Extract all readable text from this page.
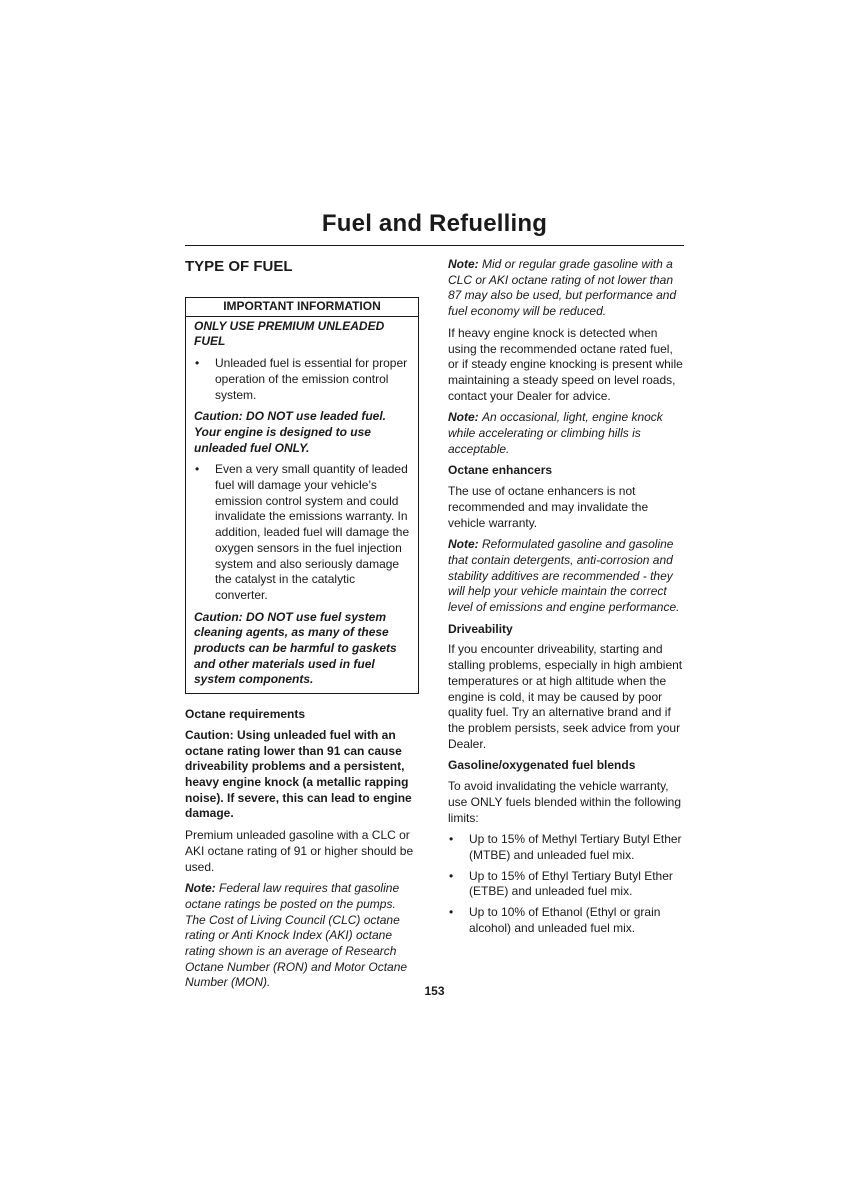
Fuel and Refuelling
TYPE OF FUEL
IMPORTANT INFORMATION

ONLY USE PREMIUM UNLEADED FUEL

• Unleaded fuel is essential for proper operation of the emission control system.

Caution: DO NOT use leaded fuel. Your engine is designed to use unleaded fuel ONLY.

• Even a very small quantity of leaded fuel will damage your vehicle’s emission control system and could invalidate the emissions warranty. In addition, leaded fuel will damage the oxygen sensors in the fuel injection system and also seriously damage the catalyst in the catalytic converter.

Caution: DO NOT use fuel system cleaning agents, as many of these products can be harmful to gaskets and other materials used in fuel system components.

Octane requirements

Caution: Using unleaded fuel with an octane rating lower than 91 can cause driveability problems and a persistent, heavy engine knock (a metallic rapping noise). If severe, this can lead to engine damage.

Premium unleaded gasoline with a CLC or AKI octane rating of 91 or higher should be used.

Note: Federal law requires that gasoline octane ratings be posted on the pumps. The Cost of Living Council (CLC) octane rating or Anti Knock Index (AKI) octane rating shown is an average of Research Octane Number (RON) and Motor Octane Number (MON).

Note: Mid or regular grade gasoline with a CLC or AKI octane rating of not lower than 87 may also be used, but performance and fuel economy will be reduced.

If heavy engine knock is detected when using the recommended octane rated fuel, or if steady engine knocking is present while maintaining a steady speed on level roads, contact your Dealer for advice.

Note: An occasional, light, engine knock while accelerating or climbing hills is acceptable.

Octane enhancers

The use of octane enhancers is not recommended and may invalidate the vehicle warranty.

Note: Reformulated gasoline and gasoline that contain detergents, anti-corrosion and stability additives are recommended - they will help your vehicle maintain the correct level of emissions and engine performance.

Driveability

If you encounter driveability, starting and stalling problems, especially in high ambient temperatures or at high altitude when the engine is cold, it may be caused by poor quality fuel. Try an alternative brand and if the problem persists, seek advice from your Dealer.

Gasoline/oxygenated fuel blends

To avoid invalidating the vehicle warranty, use ONLY fuels blended within the following limits:

• Up to 15% of Methyl Tertiary Butyl Ether (MTBE) and unleaded fuel mix.
• Up to 15% of Ethyl Tertiary Butyl Ether (ETBE) and unleaded fuel mix.
• Up to 10% of Ethanol (Ethyl or grain alcohol) and unleaded fuel mix.
153
